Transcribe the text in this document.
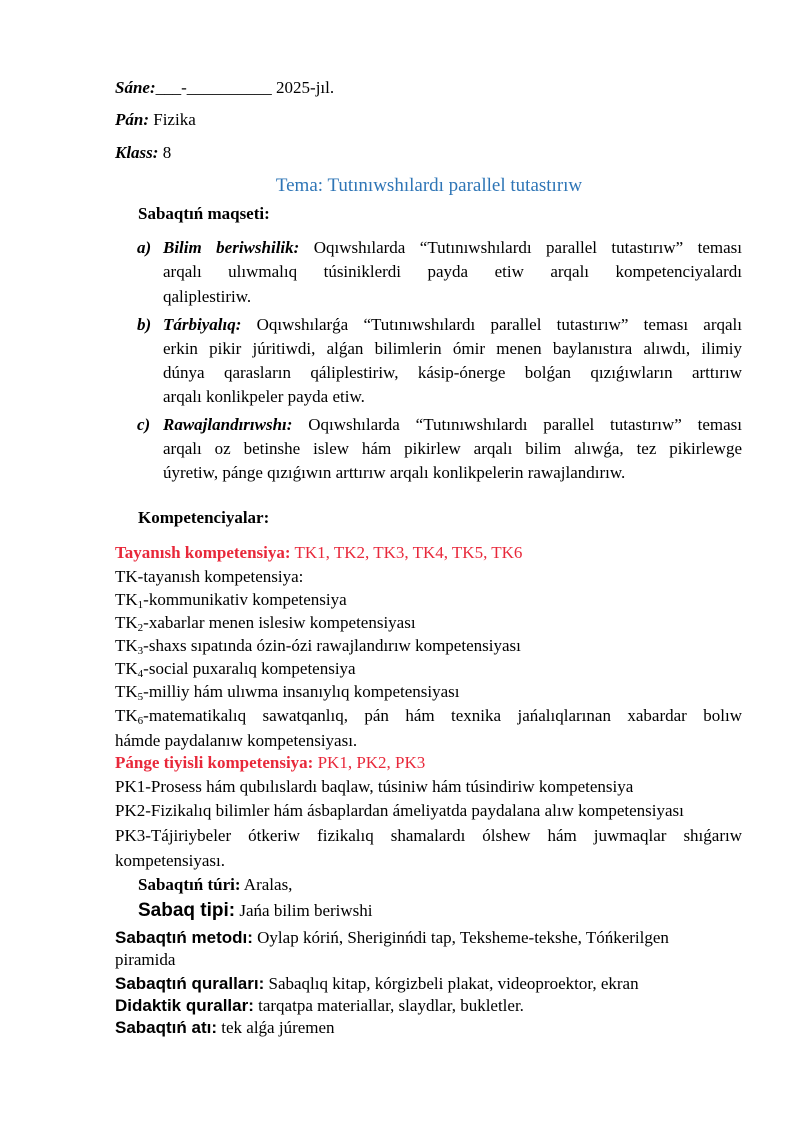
Sáne:___-__________ 2025-jıl.
Pán: Fizika
Klass: 8
Tema: Tutınıwshılardı parallel tutastırıw
Sabaqtıń maqseti:
a) Bilim beriwshilik: Oqıwshılarda “Tutınıwshılardı parallel tutastırıw” teması
arqalı ulıwmalıq túsiniklerdi payda etiw arqalı kompetenciyalardı
qaliplestiriw.
b) Tárbiyalıq: Oqıwshılarǵa “Tutınıwshılardı parallel tutastırıw” teması arqalı
erkin pikir júritiwdi, alǵan bilimlerin ómir menen baylanıstıra alıwdı, ilimiy
dúnya qarasların qáliplestiriw, kásip-ónerge bolǵan qızıǵıwların arttırıw
arqalı konlikpeler payda etiw.
c) Rawajlandırıwshı: Oqıwshılarda “Tutınıwshılardı parallel tutastırıw” teması
arqalı oz betinshe islew hám pikirlew arqalı bilim alıwǵa, tez pikirlewge
úyretiw, pánge qızıǵıwın arttırıw arqalı konlikpelerin rawajlandırıw.
Kompetenciyalar:
Tayanısh kompetensiya: TK1, TK2, TK3, TK4, TK5, TK6
TK-tayanısh kompetensiya:
$TK_1$-kommunikativ kompetensiya
$TK_2$-xabarlar menen islesiw kompetensiyası
$TK_3$-shaxs sıpatında ózin-ózi rawajlandırıw kompetensiyası
$TK_4$-social puxaralıq kompetensiya
$TK_5$-milliy hám ulıwma insanıylıq kompetensiyası
$TK_6$-matematikalıq sawatqanlıq, pán hám texnika jańalıqlarınan xabardar bolıw
hámde paydalanıw kompetensiyası.
Pánge tiyisli kompetensiya: PK1, PK2, PK3
PK1-Prosess hám qubılıslardı baqlaw, túsiniw hám túsindiriw kompetensiya
PK2-Fizikalıq bilimler hám ásbaplardan ámeliyatda paydalana alıw kompetensiyası
PK3-Tájiriybeler ótkeriw fizikalıq shamalardı ólshew hám juwmaqlar shıǵarıw
kompetensiyası.
Sabaqtıń túri: Aralas,
Sabaq tipi: Jańa bilim beriwshi
Sabaqtıń metodı: Oylap kóriń, Sheriginńdi tap, Teksheme-tekshe, Tóńkerilgen
piramida
Sabaqtıń quralları: Sabaqlıq kitap, kórgizbeli plakat, videoproektor, ekran
Didaktik qurallar: tarqatpa materiallar, slaydlar, bukletler.
Sabaqtıń atı: tek alǵa júremen
